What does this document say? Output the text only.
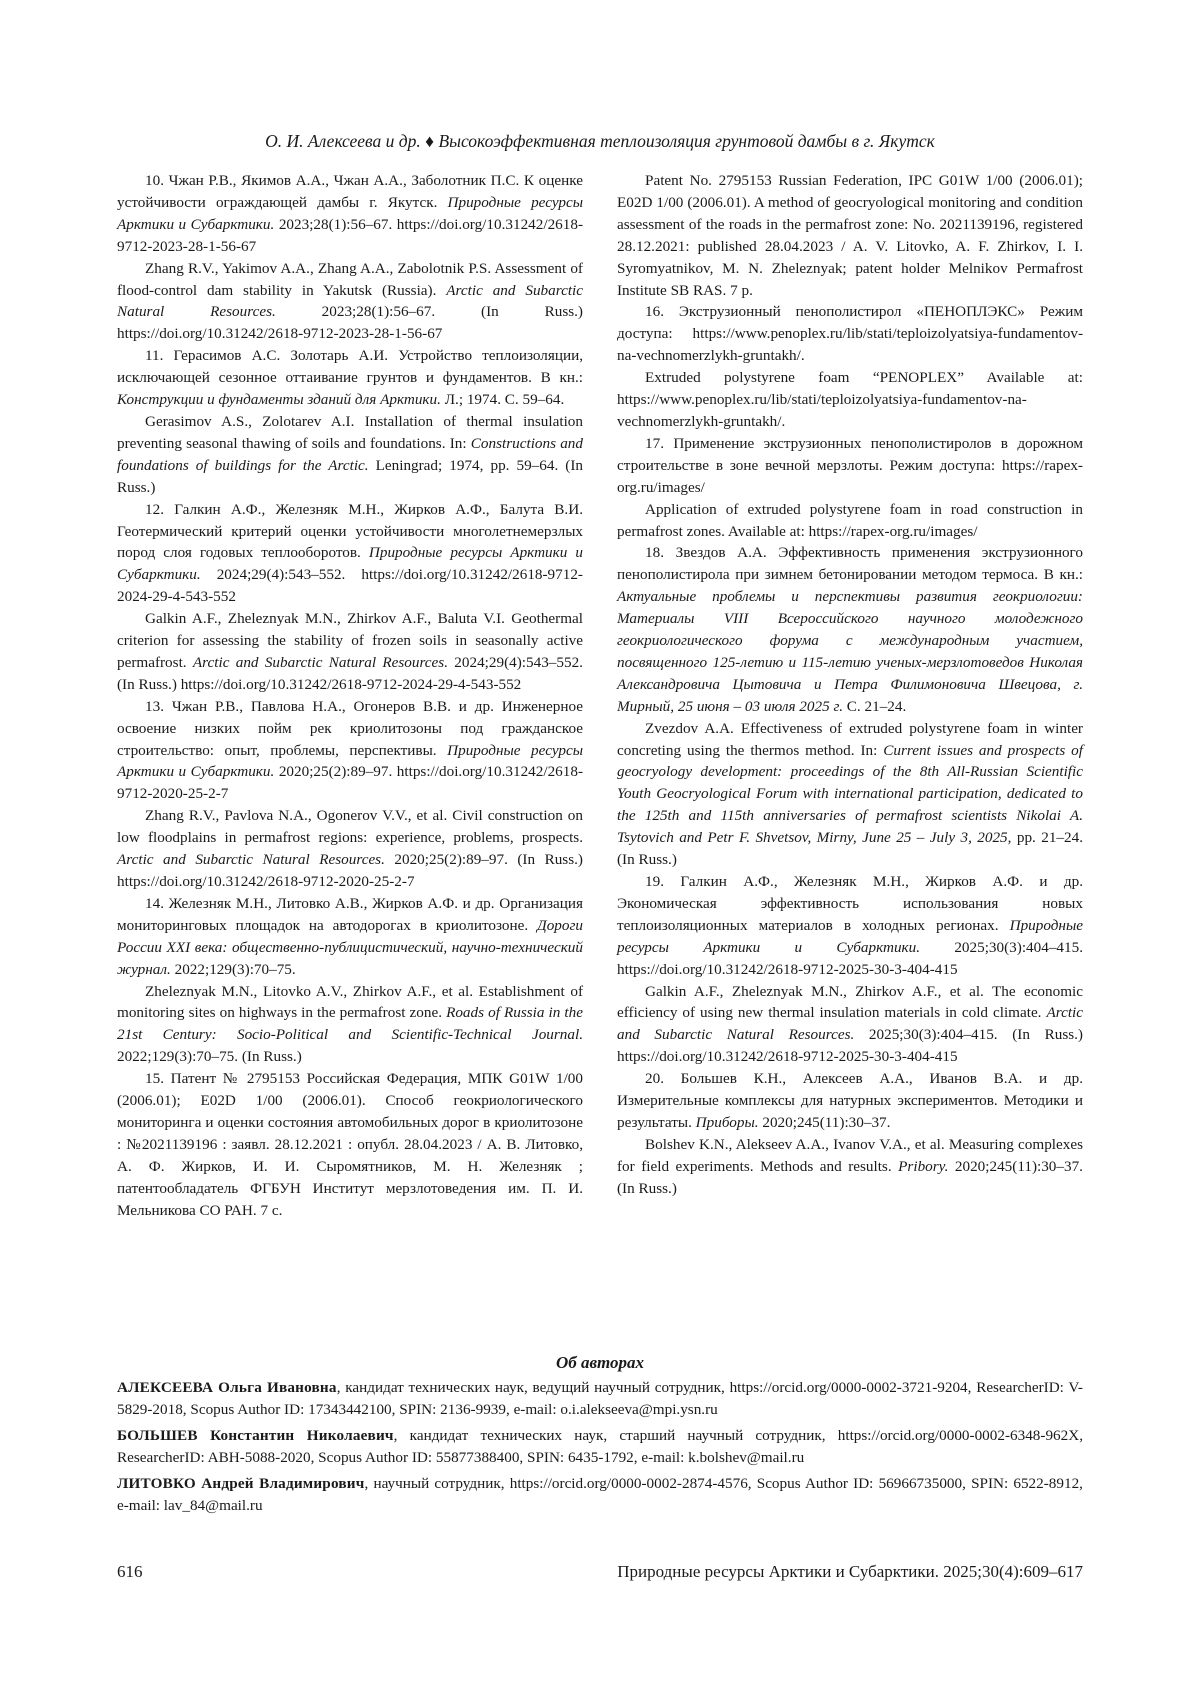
О. И. Алексеева и др. ♦ Высокоэффективная теплоизоляция грунтовой дамбы в г. Якутск

10. Чжан Р.В., Якимов А.А., Чжан А.А., Заболотник П.С. К оценке устойчивости ограждающей дамбы г. Якутск. Природные ресурсы Арктики и Субарктики. 2023;28(1):56–67. https://doi.org/10.31242/2618-9712-2023-28-1-56-67

Zhang R.V., Yakimov A.A., Zhang A.A., Zabolotnik P.S. Assessment of flood-control dam stability in Yakutsk (Russia). Arctic and Subarctic Natural Resources. 2023;28(1):56–67. (In Russ.) https://doi.org/10.31242/2618-9712-2023-28-1-56-67

11. Герасимов А.С. Золотарь А.И. Устройство теплоизоляции, исключающей сезонное оттаивание грунтов и фундаментов. В кн.: Конструкции и фундаменты зданий для Арктики. Л.; 1974. С. 59–64.

Gerasimov A.S., Zolotarev A.I. Installation of thermal insulation preventing seasonal thawing of soils and foundations. In: Constructions and foundations of buildings for the Arctic. Leningrad; 1974, pp. 59–64. (In Russ.)

12. Галкин А.Ф., Железняк М.Н., Жирков А.Ф., Балута В.И. Геотермический критерий оценки устойчивости многолетнемерзлых пород слоя годовых теплооборотов. Природные ресурсы Арктики и Субарктики. 2024;29(4):543–552. https://doi.org/10.31242/2618-9712-2024-29-4-543-552

Galkin A.F., Zheleznyak M.N., Zhirkov A.F., Baluta V.I. Geothermal criterion for assessing the stability of frozen soils in seasonally active permafrost. Arctic and Subarctic Natural Resources. 2024;29(4):543–552. (In Russ.) https://doi.org/10.31242/2618-9712-2024-29-4-543-552

13. Чжан Р.В., Павлова Н.А., Огонеров В.В. и др. Инженерное освоение низких пойм рек криолитозоны под гражданское строительство: опыт, проблемы, перспективы. Природные ресурсы Арктики и Субарктики. 2020;25(2):89–97. https://doi.org/10.31242/2618-9712-2020-25-2-7

Zhang R.V., Pavlova N.A., Ogonerov V.V., et al. Civil construction on low floodplains in permafrost regions: experience, problems, prospects. Arctic and Subarctic Natural Resources. 2020;25(2):89–97. (In Russ.) https://doi.org/10.31242/2618-9712-2020-25-2-7

14. Железняк М.Н., Литовко А.В., Жирков А.Ф. и др. Организация мониторинговых площадок на автодорогах в криолитозоне. Дороги России XXI века: общественно-публицистический, научно-технический журнал. 2022;129(3):70–75.

Zheleznyak M.N., Litovko A.V., Zhirkov A.F., et al. Establishment of monitoring sites on highways in the permafrost zone. Roads of Russia in the 21st Century: Socio-Political and Scientific-Technical Journal. 2022;129(3):70–75. (In Russ.)

15. Патент № 2795153 Российская Федерация, МПК G01W 1/00 (2006.01); E02D 1/00 (2006.01). Способ геокриологического мониторинга и оценки состояния автомобильных дорог в криолитозоне : №2021139196 : заявл. 28.12.2021 : опубл. 28.04.2023 / А. В. Литовко, А. Ф. Жирков, И. И. Сыромятников, М. Н. Железняк ; патентообладатель ФГБУН Институт мерзлотоведения им. П. И. Мельникова СО РАН. 7 с.

Patent No. 2795153 Russian Federation, IPC G01W 1/00 (2006.01); E02D 1/00 (2006.01). A method of geocryological monitoring and condition assessment of the roads in the permafrost zone: No. 2021139196, registered 28.12.2021: published 28.04.2023 / A. V. Litovko, A. F. Zhirkov, I. I. Syromyatnikov, M. N. Zheleznyak; patent holder Melnikov Permafrost Institute SB RAS. 7 p.

16. Экструзионный пенополистирол «ПЕНОПЛЭКС» Режим доступа: https://www.penoplex.ru/lib/stati/teploizolyatsiya-fundamentov-na-vechnomerzlykh-gruntakh/.

Extruded polystyrene foam “PENOPLEX” Available at: https://www.penoplex.ru/lib/stati/teploizolyatsiya-fundamentov-na-vechnomerzlykh-gruntakh/.

17. Применение экструзионных пенополистиролов в дорожном строительстве в зоне вечной мерзлоты. Режим доступа: https://rapex-org.ru/images/

Application of extruded polystyrene foam in road construction in permafrost zones. Available at: https://rapex-org.ru/images/

18. Звездов А.А. Эффективность применения экструзионного пенополистирола при зимнем бетонировании методом термоса. В кн.: Актуальные проблемы и перспективы развития геокриологии: Материалы VIII Всероссийского научного молодежного геокриологического форума с международным участием, посвященного 125-летию и 115-летию ученых-мерзлотоведов Николая Александровича Цытовича и Петра Филимоновича Швецова, г. Мирный, 25 июня – 03 июля 2025 г. С. 21–24.

Zvezdov A.A. Effectiveness of extruded polystyrene foam in winter concreting using the thermos method. In: Current issues and prospects of geocryology development: proceedings of the 8th All-Russian Scientific Youth Geocryological Forum with international participation, dedicated to the 125th and 115th anniversaries of permafrost scientists Nikolai A. Tsytovich and Petr F. Shvetsov, Mirny, June 25 – July 3, 2025, pp. 21–24. (In Russ.)

19. Галкин А.Ф., Железняк М.Н., Жирков А.Ф. и др. Экономическая эффективность использования новых теплоизоляционных материалов в холодных регионах. Природные ресурсы Арктики и Субарктики. 2025;30(3):404–415. https://doi.org/10.31242/2618-9712-2025-30-3-404-415

Galkin A.F., Zheleznyak M.N., Zhirkov A.F., et al. The economic efficiency of using new thermal insulation materials in cold climate. Arctic and Subarctic Natural Resources. 2025;30(3):404–415. (In Russ.) https://doi.org/10.31242/2618-9712-2025-30-3-404-415

20. Большев К.Н., Алексеев А.А., Иванов В.А. и др. Измерительные комплексы для натурных экспериментов. Методики и результаты. Приборы. 2020;245(11):30–37.

Bolshev K.N., Alekseev A.A., Ivanov V.A., et al. Measuring complexes for field experiments. Methods and results. Pribory. 2020;245(11):30–37. (In Russ.)

Об авторах

АЛЕКСЕЕВА Ольга Ивановна, кандидат технических наук, ведущий научный сотрудник, https://orcid.org/0000-0002-3721-9204, ResearcherID: V-5829-2018, Scopus Author ID: 17343442100, SPIN: 2136-9939, e-mail: o.i.alekseeva@mpi.ysn.ru

БОЛЬШЕВ Константин Николаевич, кандидат технических наук, старший научный сотрудник, https://orcid.org/0000-0002-6348-962X, ResearcherID: ABH-5088-2020, Scopus Author ID: 55877388400, SPIN: 6435-1792, e-mail: k.bolshev@mail.ru

ЛИТОВКО Андрей Владимирович, научный сотрудник, https://orcid.org/0000-0002-2874-4576, Scopus Author ID: 56966735000, SPIN: 6522-8912, e-mail: lav_84@mail.ru

616	Природные ресурсы Арктики и Субарктики. 2025;30(4):609–617
